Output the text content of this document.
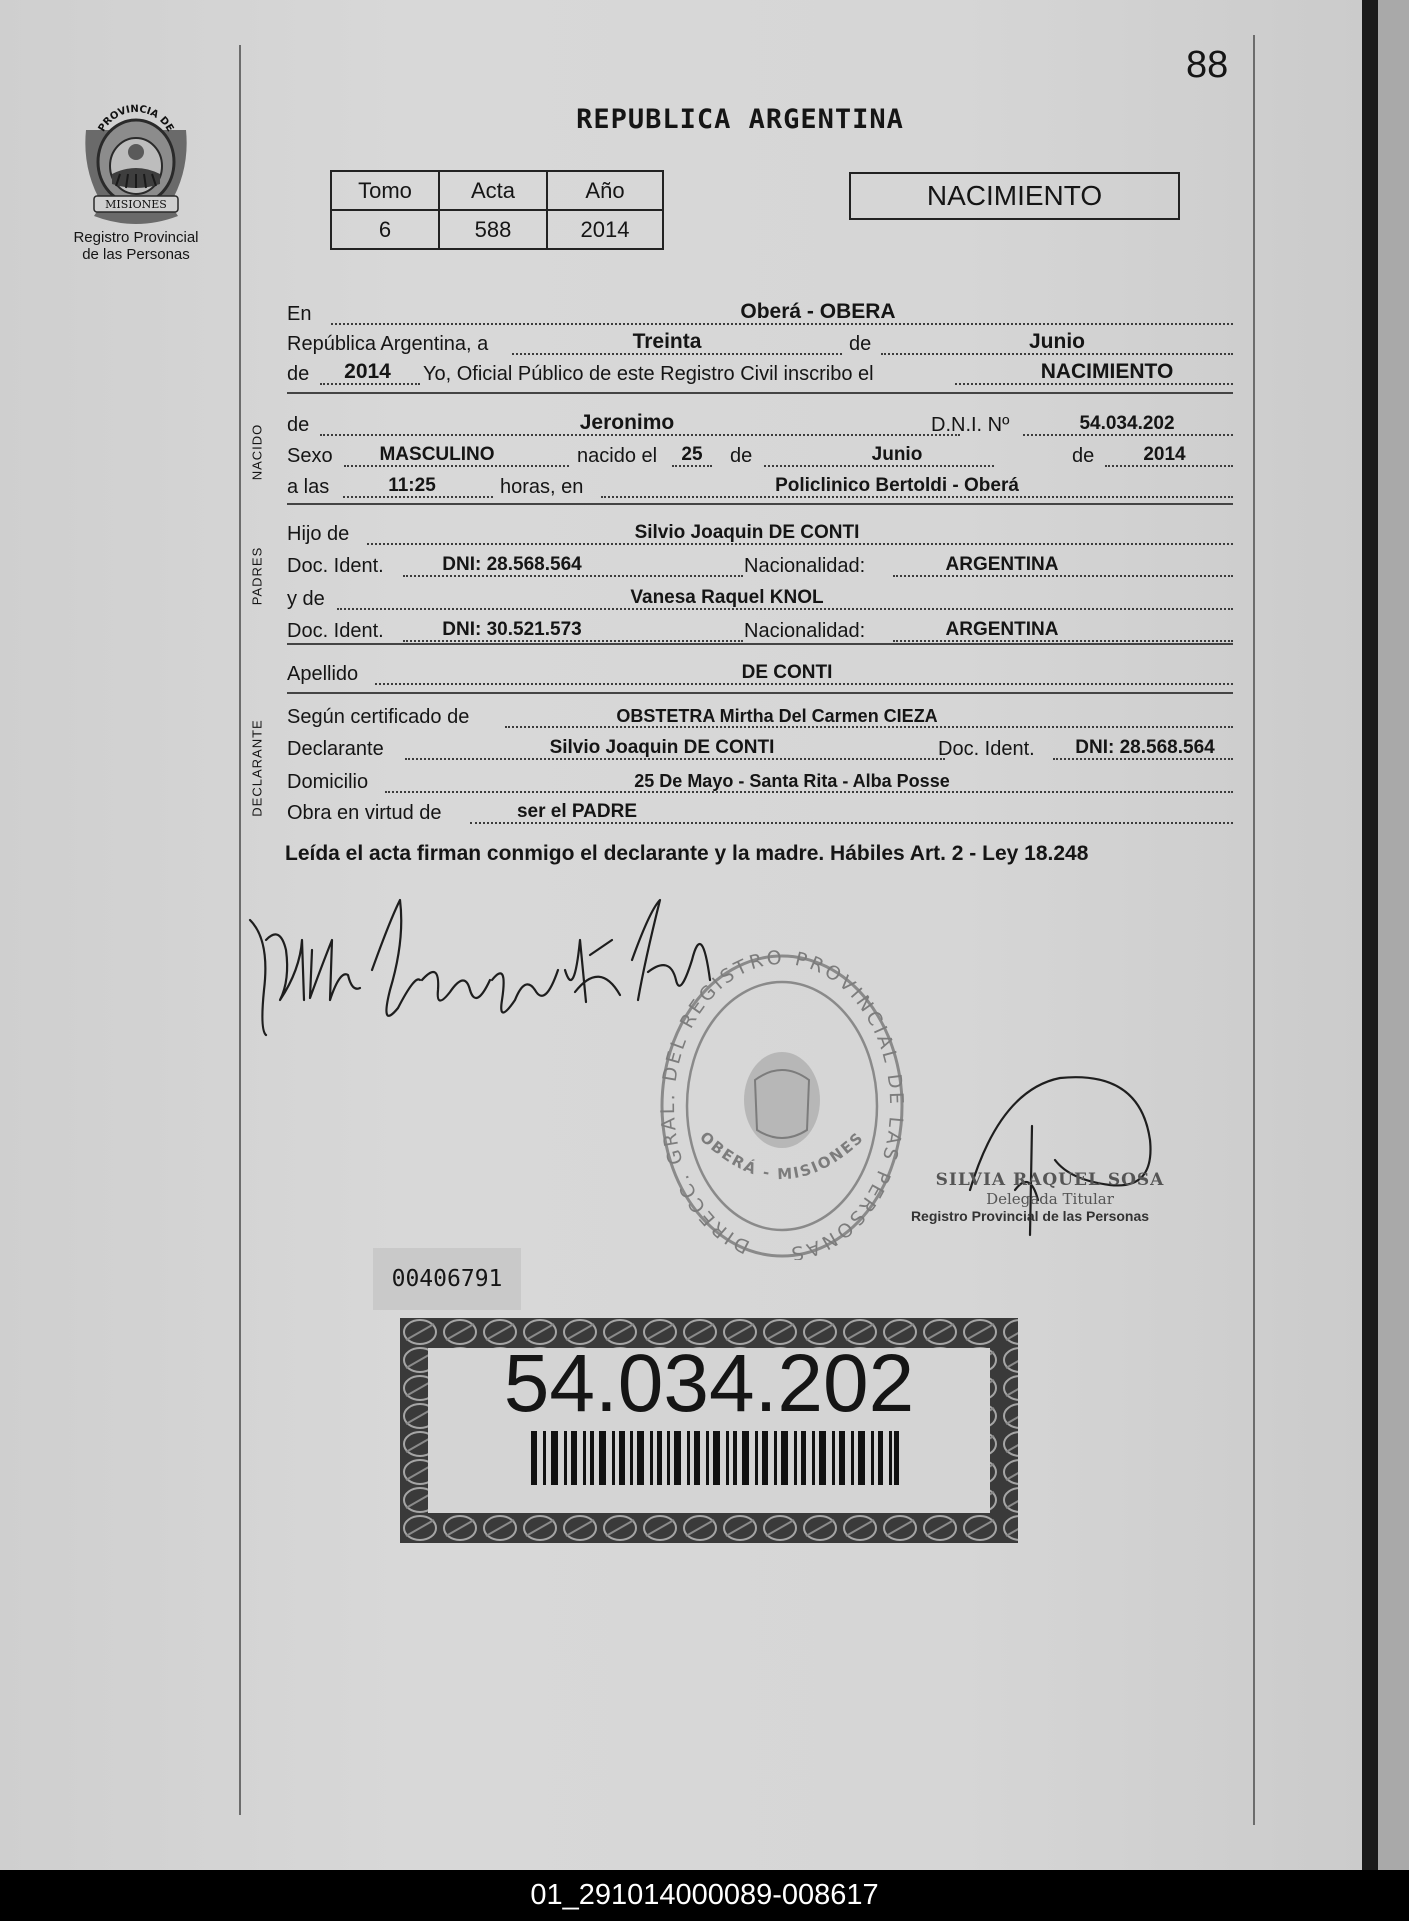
88
PROVINCIA DE
MISIONES
Registro Provincial
de las Personas
REPUBLICA ARGENTINA
Tomo	Acta	Año
6	588	2014
NACIMIENTO
En	Oberá - OBERA
República Argentina, a	Treinta	de	Junio
de	2014	Yo, Oficial Público de este Registro Civil inscribo el	NACIMIENTO
NACIDO de	Jeronimo	D.N.I. Nº	54.034.202
Sexo	MASCULINO	nacido el	25	de	Junio	de	2014
a las	11:25	horas, en	Policlinico Bertoldi - Oberá
PADRES
Hijo de	Silvio Joaquin DE CONTI
Doc. Ident.	DNI: 28.568.564	Nacionalidad:	ARGENTINA
y de	Vanesa Raquel KNOL
Doc. Ident.	DNI: 30.521.573	Nacionalidad:	ARGENTINA
Apellido	DE CONTI
DECLARANTE
Según certificado de	OBSTETRA Mirtha Del Carmen CIEZA
Declarante	Silvio Joaquin DE CONTI	Doc. Ident.	DNI: 28.568.564
Domicilio	25 De Mayo - Santa Rita - Alba Posse
Obra en virtud de	ser el PADRE
Leída el acta firman conmigo el declarante y la madre. Hábiles Art. 2 - Ley 18.248
DIRECC. GRAL. DEL REGISTRO PROVINCIAL DE LAS PERSONAS
OBERÁ - MISIONES
SILVIA RAQUEL SOSA
Delegada Titular
Registro Provincial de las Personas
00406791
54.034.202
01_291014000089-008617
